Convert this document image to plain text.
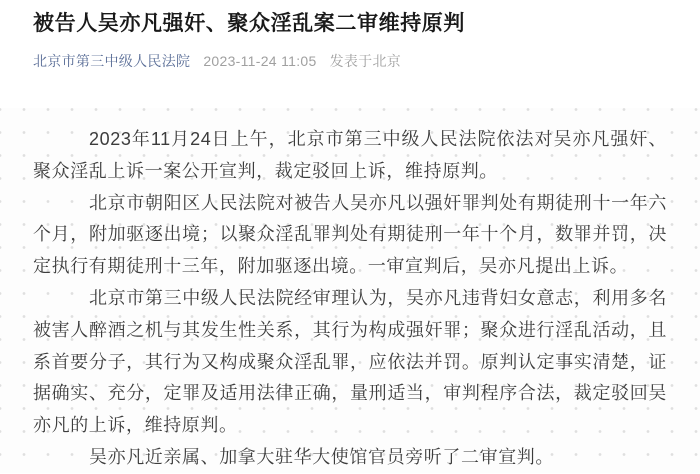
被告人吴亦凡强奸、聚众淫乱案二审维持原判
北京市第三中级人民法院 2023-11-24 11:05 发表于北京

2023年11月24日上午，北京市第三中级人民法院依法对吴亦凡强奸、聚众淫乱上诉一案公开宣判，裁定驳回上诉，维持原判。

北京市朝阳区人民法院对被告人吴亦凡以强奸罪判处有期徒刑十一年六个月，附加驱逐出境；以聚众淫乱罪判处有期徒刑一年十个月，数罪并罚，决定执行有期徒刑十三年，附加驱逐出境。一审宣判后，吴亦凡提出上诉。

北京市第三中级人民法院经审理认为，吴亦凡违背妇女意志，利用多名被害人醉酒之机与其发生性关系，其行为构成强奸罪；聚众进行淫乱活动，且系首要分子，其行为又构成聚众淫乱罪，应依法并罚。原判认定事实清楚，证据确实、充分，定罪及适用法律正确，量刑适当，审判程序合法，裁定驳回吴亦凡的上诉，维持原判。

吴亦凡近亲属、加拿大驻华大使馆官员旁听了二审宣判。
